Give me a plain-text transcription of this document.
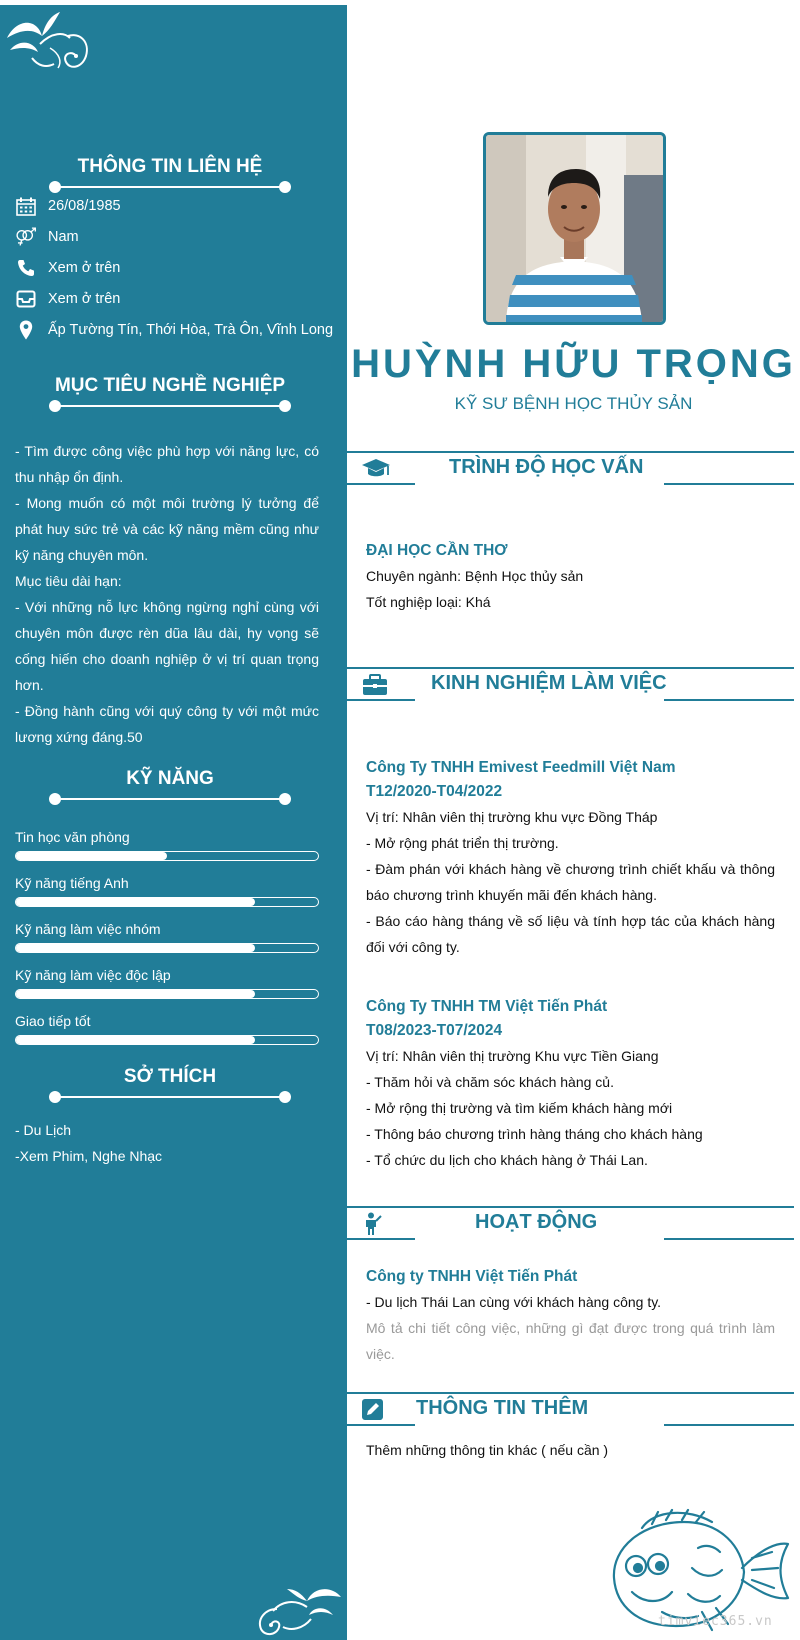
THÔNG TIN LIÊN HỆ
26/08/1985
Nam
Xem ở trên
Xem ở trên
Ấp Tường Tín, Thới Hòa, Trà Ôn, Vĩnh Long
MỤC TIÊU NGHỀ NGHIỆP

- Tìm được công việc phù hợp với năng lực, có thu nhập ổn định.

- Mong muốn có một môi trường lý tưởng để phát huy sức trẻ và các kỹ năng mềm cũng như kỹ năng chuyên môn.

Mục tiêu dài hạn:

- Với những nỗ lực không ngừng nghỉ cùng với chuyên môn được rèn dũa lâu dài, hy vọng sẽ cống hiến cho doanh nghiệp ở vị trí quan trọng hơn.

- Đồng hành cũng với quý công ty với một mức lương xứng đáng.50

KỸ NĂNG
Tin học văn phòng
Kỹ năng tiếng Anh
Kỹ năng làm việc nhóm
Kỹ năng làm việc độc lập
Giao tiếp tốt
SỞ THÍCH
- Du Lịch
-Xem Phim, Nghe Nhạc
HUỲNH HỮU TRỌNG
KỸ SƯ BỆNH HỌC THỦY SẢN
TRÌNH ĐỘ HỌC VẤN
ĐẠI HỌC CẦN THƠ

Chuyên ngành: Bệnh Học thủy sản

Tốt nghiệp loại: Khá

KINH NGHIỆM LÀM VIỆC
Công Ty TNHH Emivest Feedmill Việt Nam
T12/2020-T04/2022

Vị trí: Nhân viên thị trường khu vực Đồng Tháp

- Mở rộng phát triển thị trường.

- Đàm phán với khách hàng về chương trình chiết khấu và thông báo chương trình khuyến mãi đến khách hàng.

- Báo cáo hàng tháng về số liệu và tính hợp tác của khách hàng đối với công ty.

Công Ty TNHH TM Việt Tiến Phát
T08/2023-T07/2024

Vị trí: Nhân viên thị trường Khu vực Tiền Giang

- Thăm hỏi và chăm sóc khách hàng củ.

- Mở rộng thị trường và tìm kiếm khách hàng mới

- Thông báo chương trình hàng tháng cho khách hàng

- Tổ chức du lịch cho khách hàng ở Thái Lan.

HOẠT ĐỘNG
Công ty TNHH Việt Tiến Phát

- Du lịch Thái Lan cùng với khách hàng công ty.

Mô tả chi tiết công việc, những gì đạt được trong quá trình làm việc.

THÔNG TIN THÊM

Thêm những thông tin khác ( nếu cần )

timviec365.vn
